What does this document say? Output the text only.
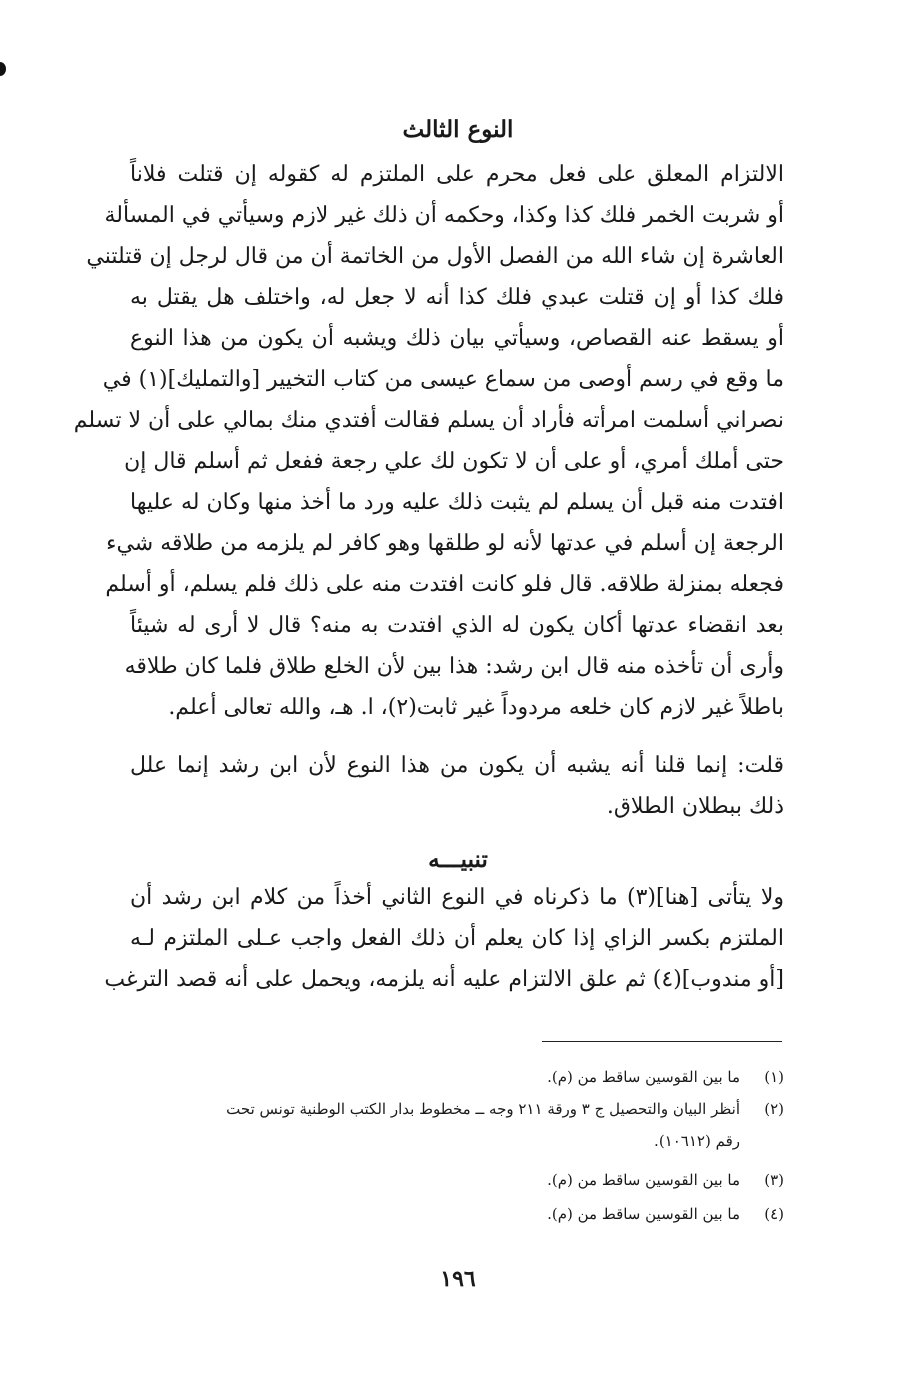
النوع الثالث
الالتزام المعلق على فعل محرم على الملتزم له كقوله إن قتلت فلاناً
أو شربت الخمر فلك كذا وكذا، وحكمه أن ذلك غير لازم وسيأتي في المسألة
العاشرة إن شاء الله من الفصل الأول من الخاتمة أن من قال لرجل إن قتلتني
فلك كذا أو إن قتلت عبدي فلك كذا أنه لا جعل له، واختلف هل يقتل به
أو يسقط عنه القصاص، وسيأتي بيان ذلك ويشبه أن يكون من هذا النوع
ما وقع في رسم أوصى من سماع عيسى من كتاب التخيير [والتمليك](١) في
نصراني أسلمت امرأته فأراد أن يسلم فقالت أفتدي منك بمالي على أن لا تسلم
حتى أملك أمري، أو على أن لا تكون لك علي رجعة ففعل ثم أسلم قال إن
افتدت منه قبل أن يسلم لم يثبت ذلك عليه ورد ما أخذ منها وكان له عليها
الرجعة إن أسلم في عدتها لأنه لو طلقها وهو كافر لم يلزمه من طلاقه شيء
فجعله بمنزلة طلاقه. قال فلو كانت افتدت منه على ذلك فلم يسلم، أو أسلم
بعد انقضاء عدتها أكان يكون له الذي افتدت به منه؟ قال لا أرى له شيئاً
وأرى أن تأخذه منه قال ابن رشد: هذا بين لأن الخلع طلاق فلما كان طلاقه
باطلاً غير لازم كان خلعه مردوداً غير ثابت(٢)، ا. هـ، والله تعالى أعلم.
قلت: إنما قلنا أنه يشبه أن يكون من هذا النوع لأن ابن رشد إنما علل
ذلك ببطلان الطلاق.
تنبيـــه
ولا يتأتى [هنا](٣) ما ذكرناه في النوع الثاني أخذاً من كلام ابن رشد أن
الملتزم بكسر الزاي إذا كان يعلم أن ذلك الفعل واجب عـلى الملتزم لـه
[أو مندوب](٤) ثم علق الالتزام عليه أنه يلزمه، ويحمل على أنه قصد الترغب
(١)ما بين القوسين ساقط من (م).
(٢)أنظر البيان والتحصيل ج ٣ ورقة ٢١١ وجه ــ مخطوط بدار الكتب الوطنية تونس تحت
رقم (١٠٦١٢).
(٣)ما بين القوسين ساقط من (م).
(٤)ما بين القوسين ساقط من (م).
١٩٦
